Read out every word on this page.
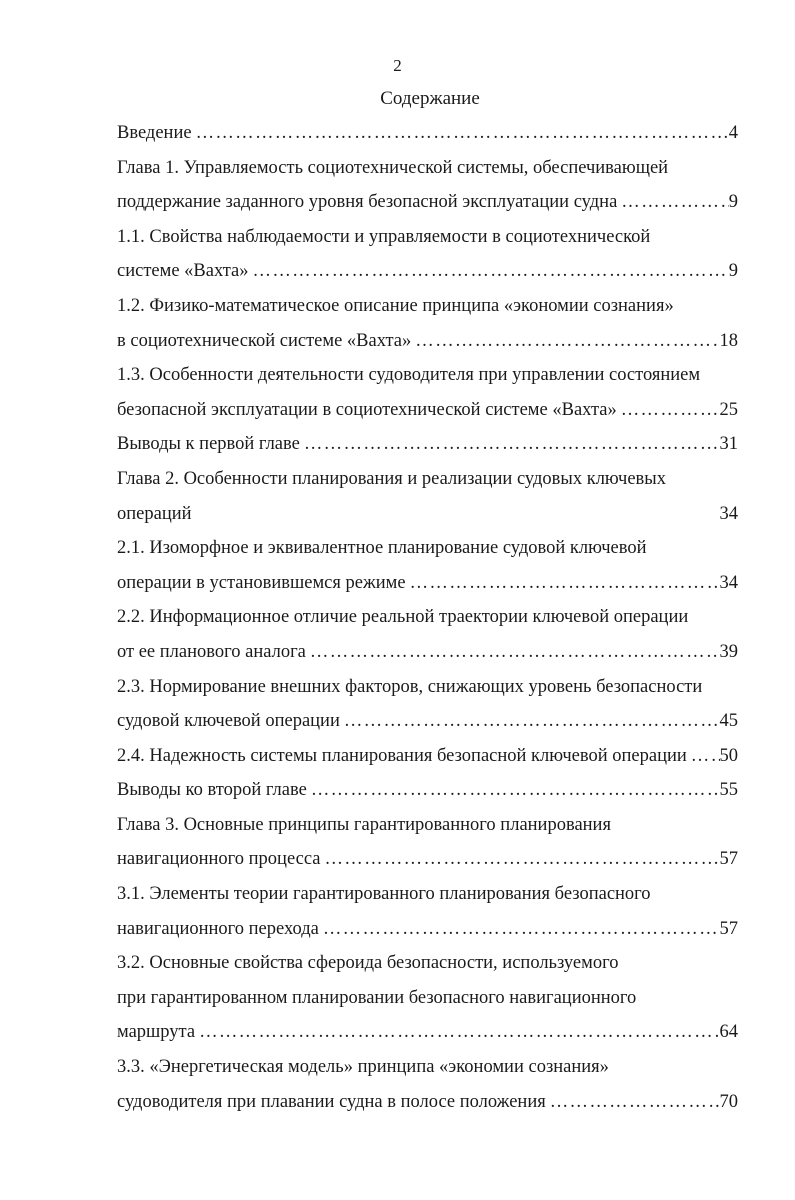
2
Содержание
Введение ……………………………………………………………………………………………………………………………………	4
Глава 1. Управляемость социотехнической системы, обеспечивающей
поддержание заданного уровня безопасной эксплуатации судна ……………………………………………………………………………………………………………………………………	9
1.1. Свойства наблюдаемости и управляемости в социотехнической
системе «Вахта» ……………………………………………………………………………………………………………………………………	9
1.2. Физико-математическое описание принципа «экономии сознания»
в социотехнической системе «Вахта» ……………………………………………………………………………………………………………………………………	18
1.3. Особенности деятельности судоводителя при управлении состоянием
безопасной эксплуатации в социотехнической системе «Вахта» ……………………………………………………………………………………………………………………………………	25
Выводы к первой главе ……………………………………………………………………………………………………………………………………	31
Глава 2. Особенности планирования и реализации судовых ключевых
операций	34
2.1. Изоморфное и эквивалентное планирование судовой ключевой
операции в установившемся режиме ……………………………………………………………………………………………………………………………………	34
2.2. Информационное отличие реальной траектории ключевой операции
от ее планового аналога ……………………………………………………………………………………………………………………………………	39
2.3. Нормирование внешних факторов, снижающих уровень безопасности
судовой ключевой операции ……………………………………………………………………………………………………………………………………	45
2.4. Надежность системы планирования безопасной ключевой операции …………………………………………………………………………………………………………………………………… 50
Выводы ко второй главе ……………………………………………………………………………………………………………………………………	55
Глава 3. Основные принципы гарантированного планирования
навигационного процесса ……………………………………………………………………………………………………………………………………	57
3.1. Элементы теории гарантированного планирования безопасного
навигационного перехода ……………………………………………………………………………………………………………………………………	57
3.2. Основные свойства сфероида безопасности, используемого
при гарантированном планировании безопасного навигационного
маршрута ……………………………………………………………………………………………………………………………………	64
3.3. «Энергетическая модель» принципа «экономии сознания»
судоводителя при плавании судна в полосе положения ……………………………………………………………………………………………………………………………………	70
